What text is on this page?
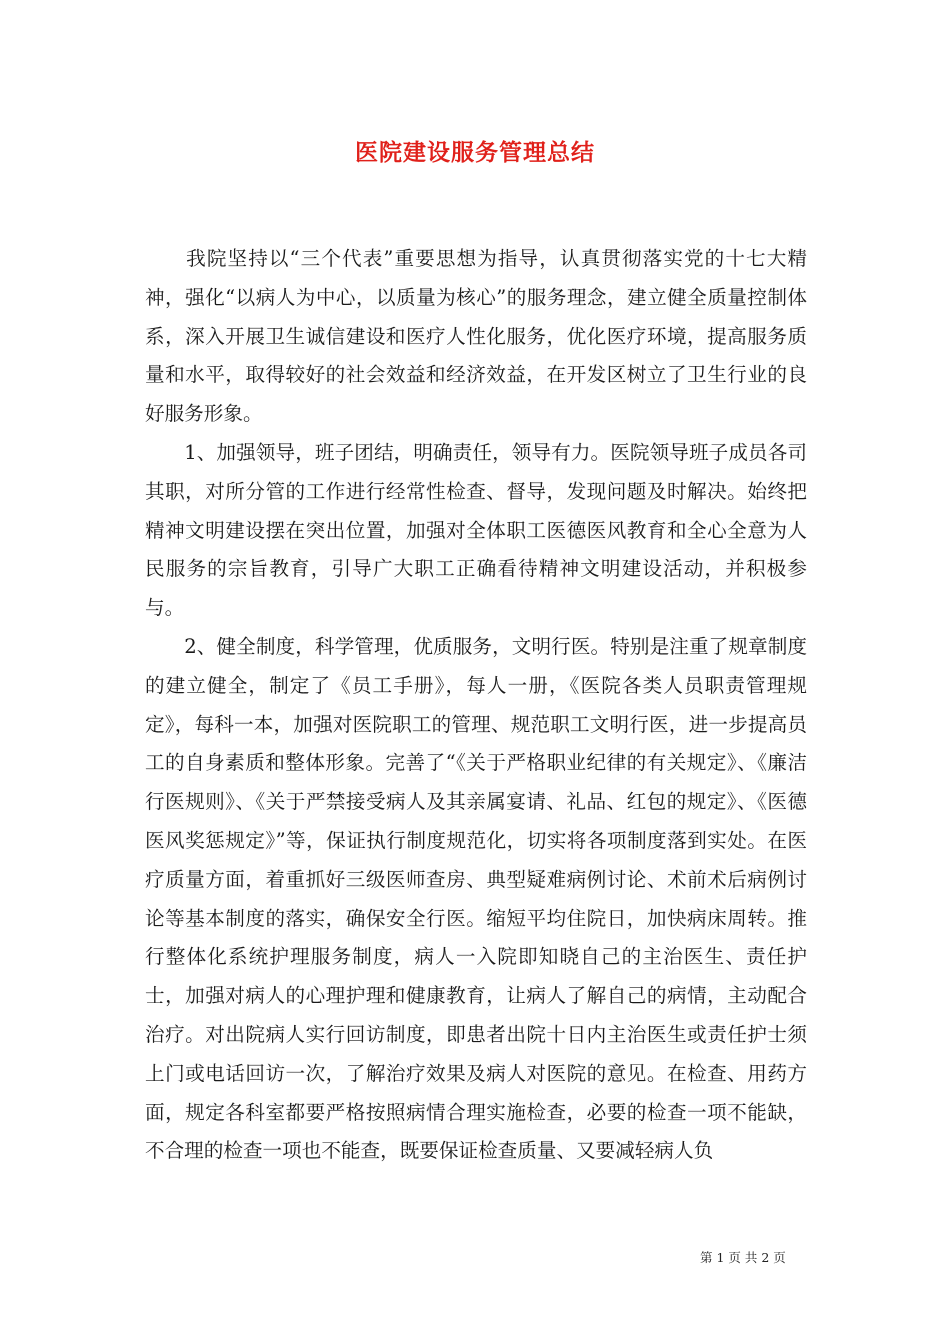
医院建设服务管理总结

我院坚持以“三个代表”重要思想为指导，认真贯彻落实党的十七大精神，强化“以病人为中心，以质量为核心”的服务理念，建立健全质量控制体系，深入开展卫生诚信建设和医疗人性化服务，优化医疗环境，提高服务质量和水平，取得较好的社会效益和经济效益，在开发区树立了卫生行业的良好服务形象。

1、加强领导，班子团结，明确责任，领导有力。医院领导班子成员各司其职，对所分管的工作进行经常性检查、督导，发现问题及时解决。始终把精神文明建设摆在突出位置，加强对全体职工医德医风教育和全心全意为人民服务的宗旨教育，引导广大职工正确看待精神文明建设活动，并积极参与。

2、健全制度，科学管理，优质服务，文明行医。特别是注重了规章制度的建立健全，制定了《员工手册》，每人一册，《医院各类人员职责管理规定》，每科一本，加强对医院职工的管理、规范职工文明行医，进一步提高员工的自身素质和整体形象。完善了“《关于严格职业纪律的有关规定》、《廉洁行医规则》、《关于严禁接受病人及其亲属宴请、礼品、红包的规定》、《医德医风奖惩规定》”等，保证执行制度规范化，切实将各项制度落到实处。在医疗质量方面，着重抓好三级医师查房、典型疑难病例讨论、术前术后病例讨论等基本制度的落实，确保安全行医。缩短平均住院日，加快病床周转。推行整体化系统护理服务制度，病人一入院即知晓自己的主治医生、责任护士，加强对病人的心理护理和健康教育，让病人了解自己的病情，主动配合治疗。对出院病人实行回访制度，即患者出院十日内主治医生或责任护士须上门或电话回访一次，了解治疗效果及病人对医院的意见。在检查、用药方面，规定各科室都要严格按照病情合理实施检查，必要的检查一项不能缺，不合理的检查一项也不能查，既要保证检查质量、又要减轻病人负

第 1 页 共 2 页
